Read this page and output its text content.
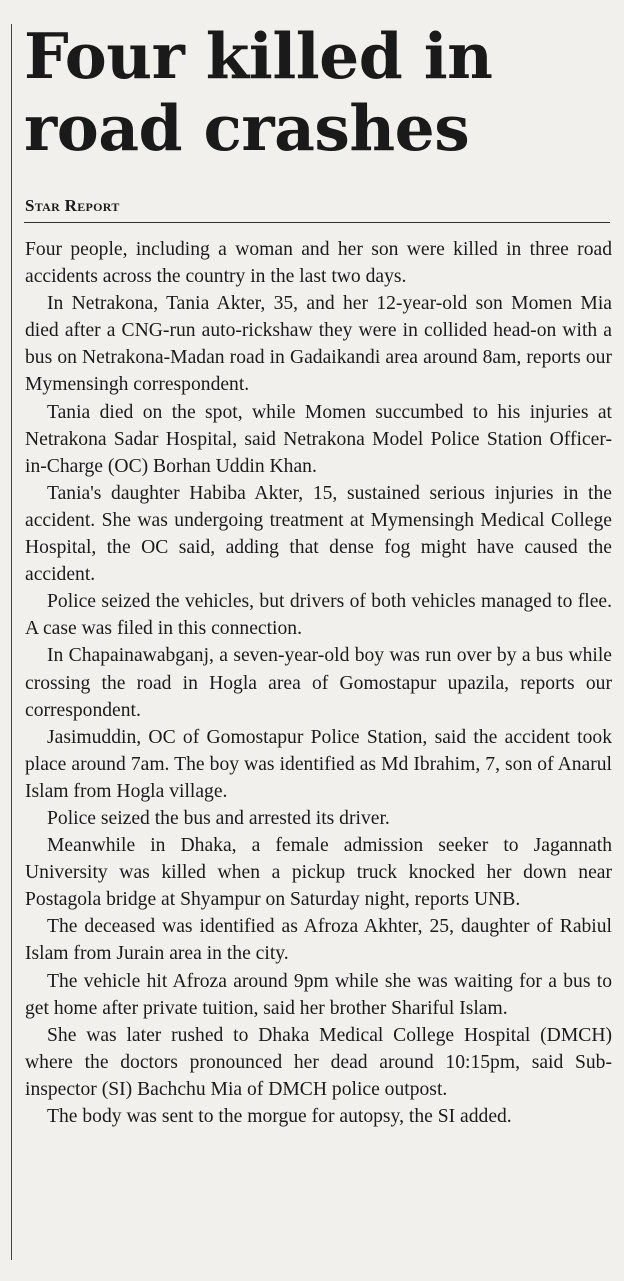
Four killed in road crashes
Star Report

Four people, including a woman and her son were killed in three road accidents across the country in the last two days.

In Netrakona, Tania Akter, 35, and her 12-year-old son Momen Mia died after a CNG-run auto-rickshaw they were in collided head-on with a bus on Netrakona-Madan road in Gadaikandi area around 8am, reports our Mymensingh correspondent.

Tania died on the spot, while Momen succumbed to his injuries at Netrakona Sadar Hospital, said Netrakona Model Police Station Officer-in-Charge (OC) Borhan Uddin Khan.

Tania's daughter Habiba Akter, 15, sustained serious injuries in the accident. She was undergoing treatment at Mymensingh Medical College Hospital, the OC said, adding that dense fog might have caused the accident.

Police seized the vehicles, but drivers of both vehicles managed to flee. A case was filed in this connection.

In Chapainawabganj, a seven-year-old boy was run over by a bus while crossing the road in Hogla area of Gomostapur upazila, reports our correspondent.

Jasimuddin, OC of Gomostapur Police Station, said the accident took place around 7am. The boy was identified as Md Ibrahim, 7, son of Anarul Islam from Hogla village.

Police seized the bus and arrested its driver.

Meanwhile in Dhaka, a female admission seeker to Jagannath University was killed when a pickup truck knocked her down near Postagola bridge at Shyampur on Saturday night, reports UNB.

The deceased was identified as Afroza Akhter, 25, daughter of Rabiul Islam from Jurain area in the city.

The vehicle hit Afroza around 9pm while she was waiting for a bus to get home after private tuition, said her brother Shariful Islam.

She was later rushed to Dhaka Medical College Hospital (DMCH) where the doctors pronounced her dead around 10:15pm, said Sub-inspector (SI) Bachchu Mia of DMCH police outpost.

The body was sent to the morgue for autopsy, the SI added.
